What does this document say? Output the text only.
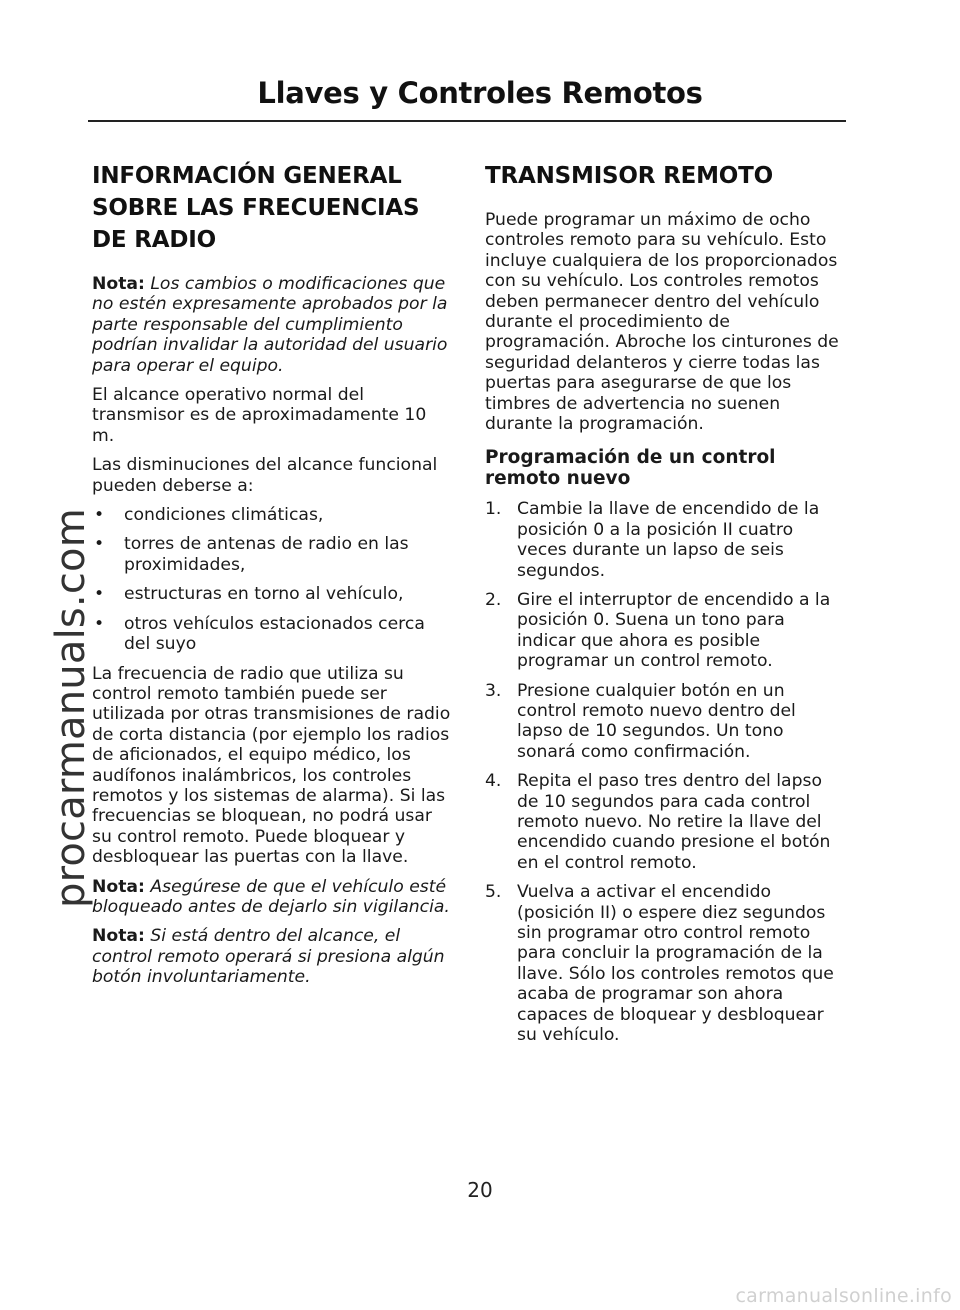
Llaves y Controles Remotos
procarmanuals.com
INFORMACIÓN GENERAL SOBRE LAS FRECUENCIAS DE RADIO

Nota: Los cambios o modificaciones que no estén expresamente aprobados por la parte responsable del cumplimiento podrían invalidar la autoridad del usuario para operar el equipo.

El alcance operativo normal del transmisor es de aproximadamente 10 m.

Las disminuciones del alcance funcional pueden deberse a:

• condiciones climáticas,
• torres de antenas de radio en las proximidades,
• estructuras en torno al vehículo,
• otros vehículos estacionados cerca del suyo

La frecuencia de radio que utiliza su control remoto también puede ser utilizada por otras transmisiones de radio de corta distancia (por ejemplo los radios de aficionados, el equipo médico, los audífonos inalámbricos, los controles remotos y los sistemas de alarma). Si las frecuencias se bloquean, no podrá usar su control remoto. Puede bloquear y desbloquear las puertas con la llave.

Nota: Asegúrese de que el vehículo esté bloqueado antes de dejarlo sin vigilancia.

Nota: Si está dentro del alcance, el control remoto operará si presiona algún botón involuntariamente.

TRANSMISOR REMOTO

Puede programar un máximo de ocho controles remoto para su vehículo. Esto incluye cualquiera de los proporcionados con su vehículo. Los controles remotos deben permanecer dentro del vehículo durante el procedimiento de programación. Abroche los cinturones de seguridad delanteros y cierre todas las puertas para asegurarse de que los timbres de advertencia no suenen durante la programación.

Programación de un control remoto nuevo
1. Cambie la llave de encendido de la posición 0 a la posición II cuatro veces durante un lapso de seis segundos.
2. Gire el interruptor de encendido a la posición 0. Suena un tono para indicar que ahora es posible programar un control remoto.
3. Presione cualquier botón en un control remoto nuevo dentro del lapso de 10 segundos. Un tono sonará como confirmación.
4. Repita el paso tres dentro del lapso de 10 segundos para cada control remoto nuevo. No retire la llave del encendido cuando presione el botón en el control remoto.
5. Vuelva a activar el encendido (posición II) o espere diez segundos sin programar otro control remoto para concluir la programación de la llave. Sólo los controles remotos que acaba de programar son ahora capaces de bloquear y desbloquear su vehículo.
20
carmanualsonline.info
